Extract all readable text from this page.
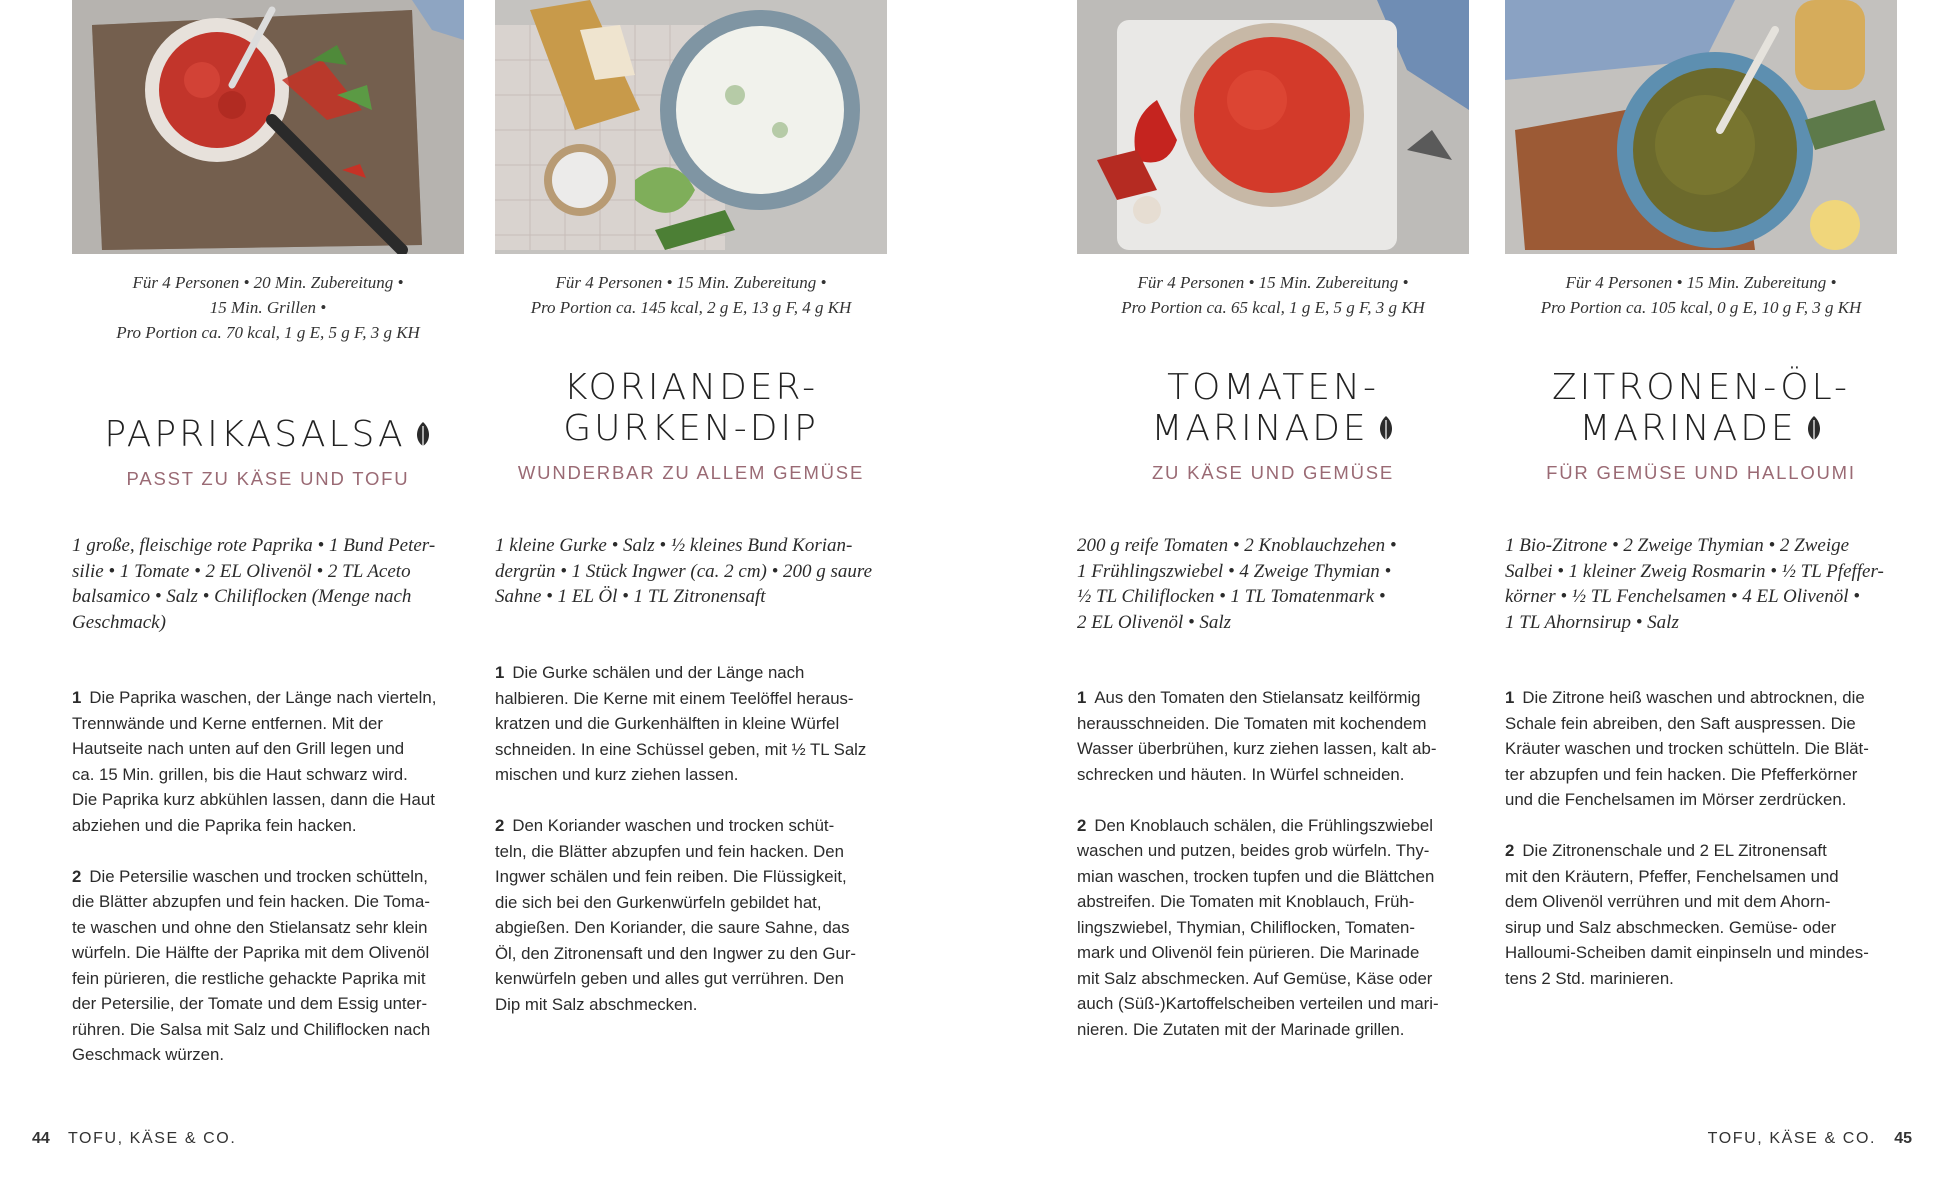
Für 4 Personen • 20 Min. Zubereitung •
15 Min. Grillen •
Pro Portion ca. 70 kcal, 1 g E, 5 g F, 3 g KH
PAPRIKASALSA
PASST ZU KÄSE UND TOFU

1 große, fleischige rote Paprika • 1 Bund Peter-
silie • 1 Tomate • 2 EL Olivenöl • 2 TL Aceto
balsamico • Salz • Chiliflocken (Menge nach
Geschmack)

1 Die Paprika waschen, der Länge nach vierteln,
Trennwände und Kerne entfernen. Mit der
Hautseite nach unten auf den Grill legen und
ca. 15 Min. grillen, bis die Haut schwarz wird.
Die Paprika kurz abkühlen lassen, dann die Haut
abziehen und die Paprika fein hacken.

2 Die Petersilie waschen und trocken schütteln,
die Blätter abzupfen und fein hacken. Die Toma-
te waschen und ohne den Stielansatz sehr klein
würfeln. Die Hälfte der Paprika mit dem Olivenöl
fein pürieren, die restliche gehackte Paprika mit
der Petersilie, der Tomate und dem Essig unter-
rühren. Die Salsa mit Salz und Chiliflocken nach
Geschmack würzen.

Für 4 Personen • 15 Min. Zubereitung •
Pro Portion ca. 145 kcal, 2 g E, 13 g F, 4 g KH
KORIANDER-
GURKEN-DIP
WUNDERBAR ZU ALLEM GEMÜSE

1 kleine Gurke • Salz • ½ kleines Bund Korian-
dergrün • 1 Stück Ingwer (ca. 2 cm) • 200 g saure
Sahne • 1 EL Öl • 1 TL Zitronensaft

1 Die Gurke schälen und der Länge nach
halbieren. Die Kerne mit einem Teelöffel heraus-
kratzen und die Gurkenhälften in kleine Würfel
schneiden. In eine Schüssel geben, mit ½ TL Salz
mischen und kurz ziehen lassen.

2 Den Koriander waschen und trocken schüt-
teln, die Blätter abzupfen und fein hacken. Den
Ingwer schälen und fein reiben. Die Flüssigkeit,
die sich bei den Gurkenwürfeln gebildet hat,
abgießen. Den Koriander, die saure Sahne, das
Öl, den Zitronensaft und den Ingwer zu den Gur-
kenwürfeln geben und alles gut verrühren. Den
Dip mit Salz abschmecken.

44 TOFU, KÄSE & CO.
Für 4 Personen • 15 Min. Zubereitung •
Pro Portion ca. 65 kcal, 1 g E, 5 g F, 3 g KH
TOMATEN-
MARINADE
ZU KÄSE UND GEMÜSE

200 g reife Tomaten • 2 Knoblauchzehen •
1 Frühlingszwiebel • 4 Zweige Thymian •
½ TL Chiliflocken • 1 TL Tomatenmark •
2 EL Olivenöl • Salz

1 Aus den Tomaten den Stielansatz keilförmig
herausschneiden. Die Tomaten mit kochendem
Wasser überbrühen, kurz ziehen lassen, kalt ab-
schrecken und häuten. In Würfel schneiden.

2 Den Knoblauch schälen, die Frühlingszwiebel
waschen und putzen, beides grob würfeln. Thy-
mian waschen, trocken tupfen und die Blättchen
abstreifen. Die Tomaten mit Knoblauch, Früh-
lingszwiebel, Thymian, Chiliflocken, Tomaten-
mark und Olivenöl fein pürieren. Die Marinade
mit Salz abschmecken. Auf Gemüse, Käse oder
auch (Süß-)Kartoffelscheiben verteilen und mari-
nieren. Die Zutaten mit der Marinade grillen.

Für 4 Personen • 15 Min. Zubereitung •
Pro Portion ca. 105 kcal, 0 g E, 10 g F, 3 g KH
ZITRONEN-ÖL-
MARINADE
FÜR GEMÜSE UND HALLOUMI

1 Bio-Zitrone • 2 Zweige Thymian • 2 Zweige
Salbei • 1 kleiner Zweig Rosmarin • ½ TL Pfeffer-
körner • ½ TL Fenchelsamen • 4 EL Olivenöl •
1 TL Ahornsirup • Salz

1 Die Zitrone heiß waschen und abtrocknen, die
Schale fein abreiben, den Saft auspressen. Die
Kräuter waschen und trocken schütteln. Die Blät-
ter abzupfen und fein hacken. Die Pfefferkörner
und die Fenchelsamen im Mörser zerdrücken.

2 Die Zitronenschale und 2 EL Zitronensaft
mit den Kräutern, Pfeffer, Fenchelsamen und
dem Olivenöl verrühren und mit dem Ahorn-
sirup und Salz abschmecken. Gemüse- oder
Halloumi-Scheiben damit einpinseln und mindes-
tens 2 Std. marinieren.

TOFU, KÄSE & CO. 45
